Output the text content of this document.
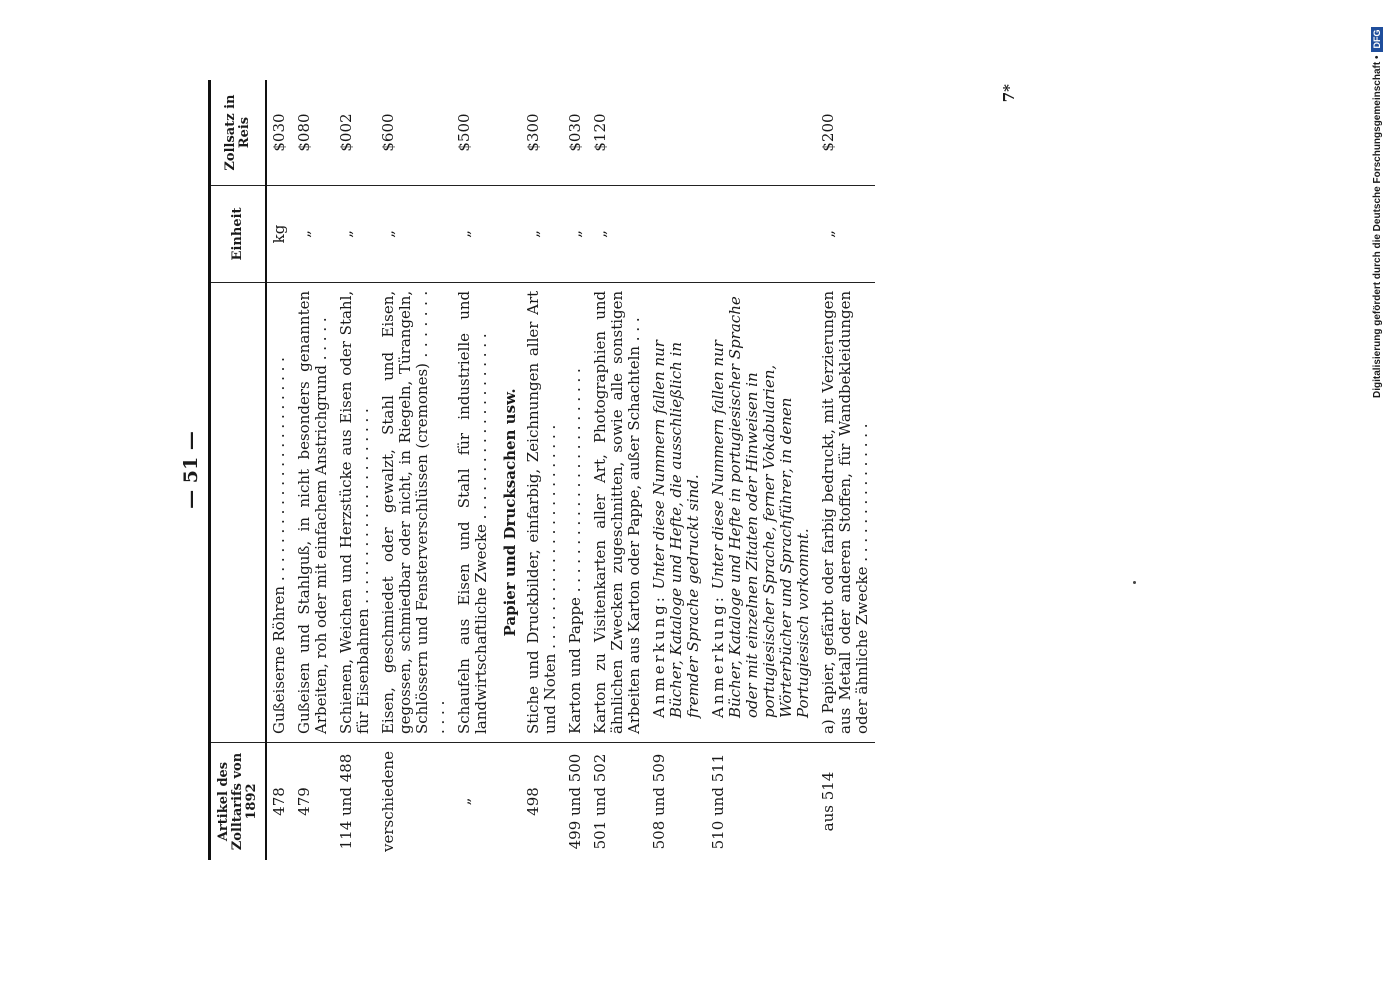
— 51 —
Artikel des Zolltarifs von 1892		Einheit	Zollsatz in Reis
478	Gußeiserne Röhren . . . . . . . . . . . . . . . . . . . . . . . .	kg	$030
479	Gußeisen und Stahlguß, in nicht besonders genannten Arbeiten, roh oder mit einfachem Anstrichgrund . . . . .	„	$080
114 und 488	Schienen, Weichen und Herzstücke aus Eisen oder Stahl, für Eisenbahnen . . . . . . . . . . . . . . . . . . . . .	„	$002
verschiedene	Eisen, geschmiedet oder gewalzt, Stahl und Eisen, gegossen, schmiedbar oder nicht, in Riegeln, Türangeln, Schlössern und Fensterverschlüssen (cremones) . . . . . . . . . . .	„	$600
„	Schaufeln aus Eisen und Stahl für industrielle und landwirtschaftliche Zwecke . . . . . . . . . . . . . . . . . . . .	„	$500
	Papier und Drucksachen usw.		
498	Stiche und Druckbilder, einfarbig, Zeichnungen aller Art und Noten . . . . . . . . . . . . . . . . . . . . . . . .	„	$300
499 und 500	Karton und Pappe . . . . . . . . . . . . . . . . . . . . . . . .	„	$030
501 und 502	Karton zu Visitenkarten aller Art, Photographien und ähnlichen Zwecken zugeschnitten, sowie alle sonstigen Arbeiten aus Karton oder Pappe, außer Schachteln . . .	„	$120
508 und 509	Anmerkung: Unter diese Nummern fallen nur Bücher, Kataloge und Hefte, die ausschließlich in fremder Sprache gedruckt sind.		
510 und 511	Anmerkung: Unter diese Nummern fallen nur Bücher, Kataloge und Hefte in portugiesischer Sprache oder mit einzelnen Zitaten oder Hinweisen in portugiesischer Sprache, ferner Vokabularien, Wörterbücher und Sprachführer, in denen Portugiesisch vorkommt.		
aus 514	a) Papier, gefärbt oder farbig bedruckt, mit Verzierungen aus Metall oder anderen Stoffen, für Wandbekleidungen oder ähnliche Zwecke . . . . . . . . . . . . . . .	„	$200
7*	Digitalisierung gefördert durch die Deutsche Forschungsgemeinschaft •
DFG
